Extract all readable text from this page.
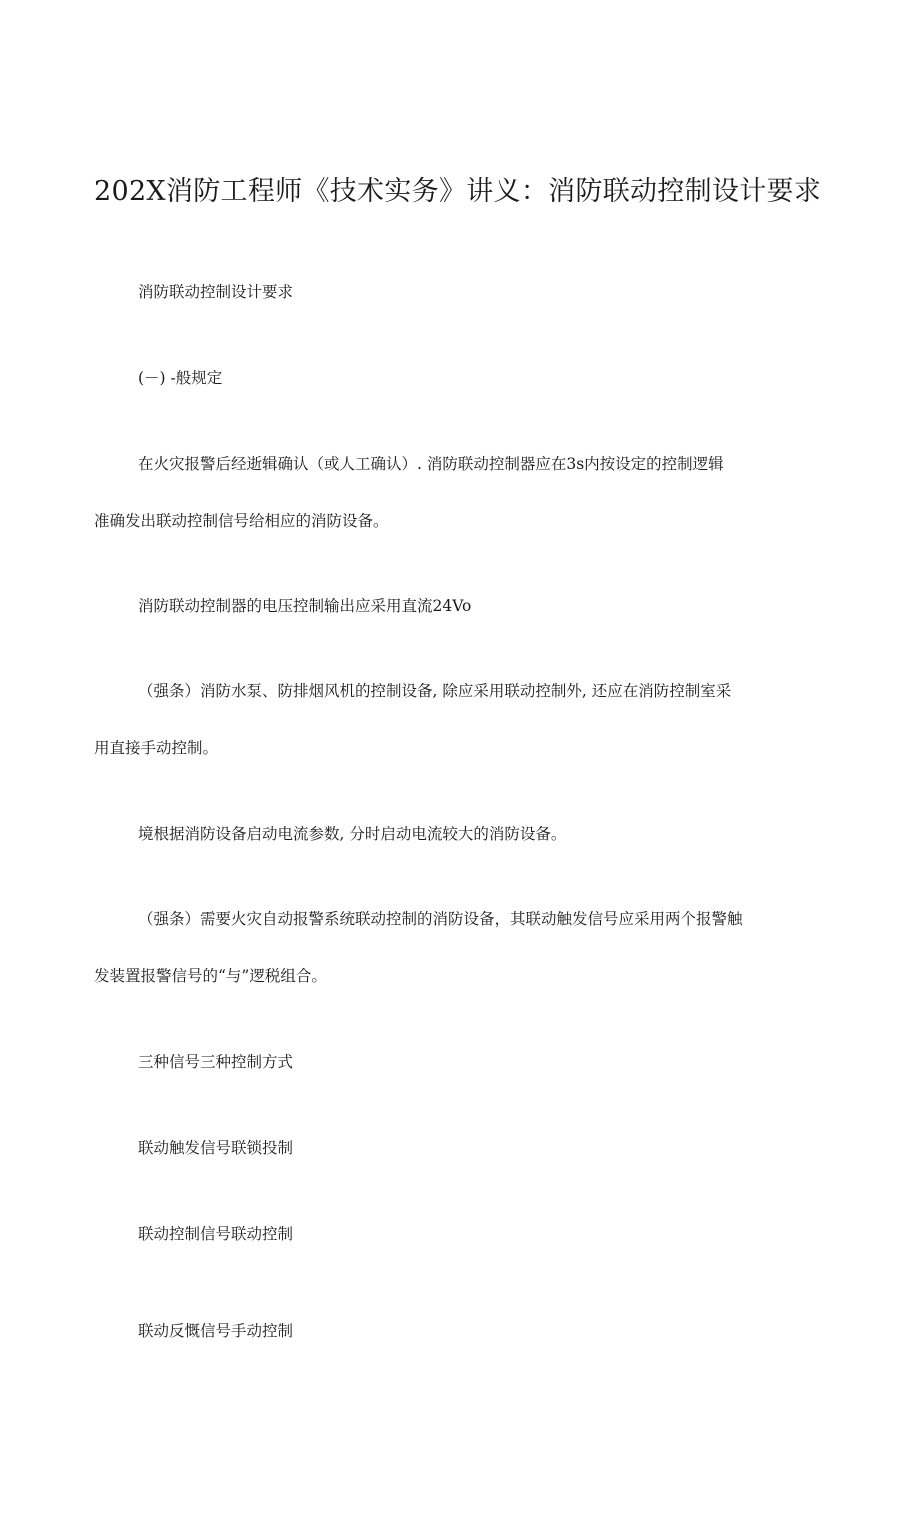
202X消防工程师《技术实务》讲义：消防联动控制设计要求
消防联动控制设计要求
(－) -般规定
在火灾报警后经逝辑确认（或人工确认）. 消防联动控制器应在3s内按设定的控制逻辑
准确发出联动控制信号给相应的消防设备。
消防联动控制器的电压控制输出应采用直流24Vo
（强条）消防水泵、防排烟风机的控制设备, 除应采用联动控制外, 还应在消防控制室采
用直接手动控制。
境根据消防设备启动电流参数, 分时启动电流较大的消防设备。
（强条）需要火灾自动报警系统联动控制的消防设备，其联动触发信号应采用两个报警触
发装置报警信号的“与”逻税组合。
三种信号三种控制方式
联动触发信号联锁投制
联动控制信号联动控制
联动反慨信号手动控制
